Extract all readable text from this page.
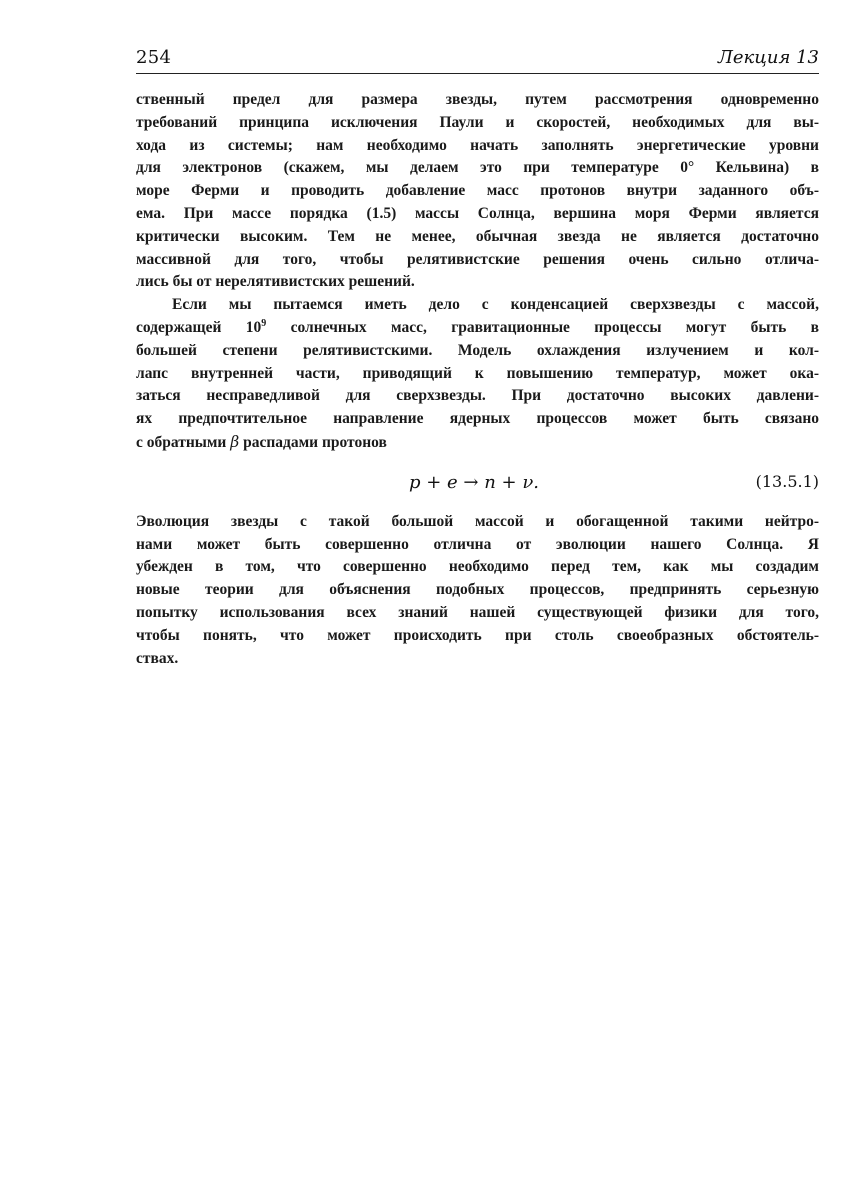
254	Лекция 13
ственный предел для размера звезды, путем рассмотрения одновременно
требований принципа исключения Паули и скоростей, необходимых для вы-
хода из системы; нам необходимо начать заполнять энергетические уровни
для электронов (скажем, мы делаем это при температуре 0° Кельвина) в
море Ферми и проводить добавление масс протонов внутри заданного объ-
ема. При массе порядка (1.5) массы Солнца, вершина моря Ферми является
критически высоким. Тем не менее, обычная звезда не является достаточно
массивной для того, чтобы релятивистские решения очень сильно отлича-
лись бы от нерелятивистских решений.
Если мы пытаемся иметь дело с конденсацией сверхзвезды с массой,
содержащей $10^9$ солнечных масс, гравитационные процессы могут быть в
большей степени релятивистскими. Модель охлаждения излучением и кол-
лапс внутренней части, приводящий к повышению температур, может ока-
заться несправедливой для сверхзвезды. При достаточно высоких давлени-
ях предпочтительное направление ядерных процессов может быть связано
с обратными β распадами протонов
p + e → n + ν.	(13.5.1)
Эволюция звезды с такой большой массой и обогащенной такими нейтро-
нами может быть совершенно отлична от эволюции нашего Солнца. Я
убежден в том, что совершенно необходимо перед тем, как мы создадим
новые теории для объяснения подобных процессов, предпринять серьезную
попытку использования всех знаний нашей существующей физики для того,
чтобы понять, что может происходить при столь своеобразных обстоятель-
ствах.
